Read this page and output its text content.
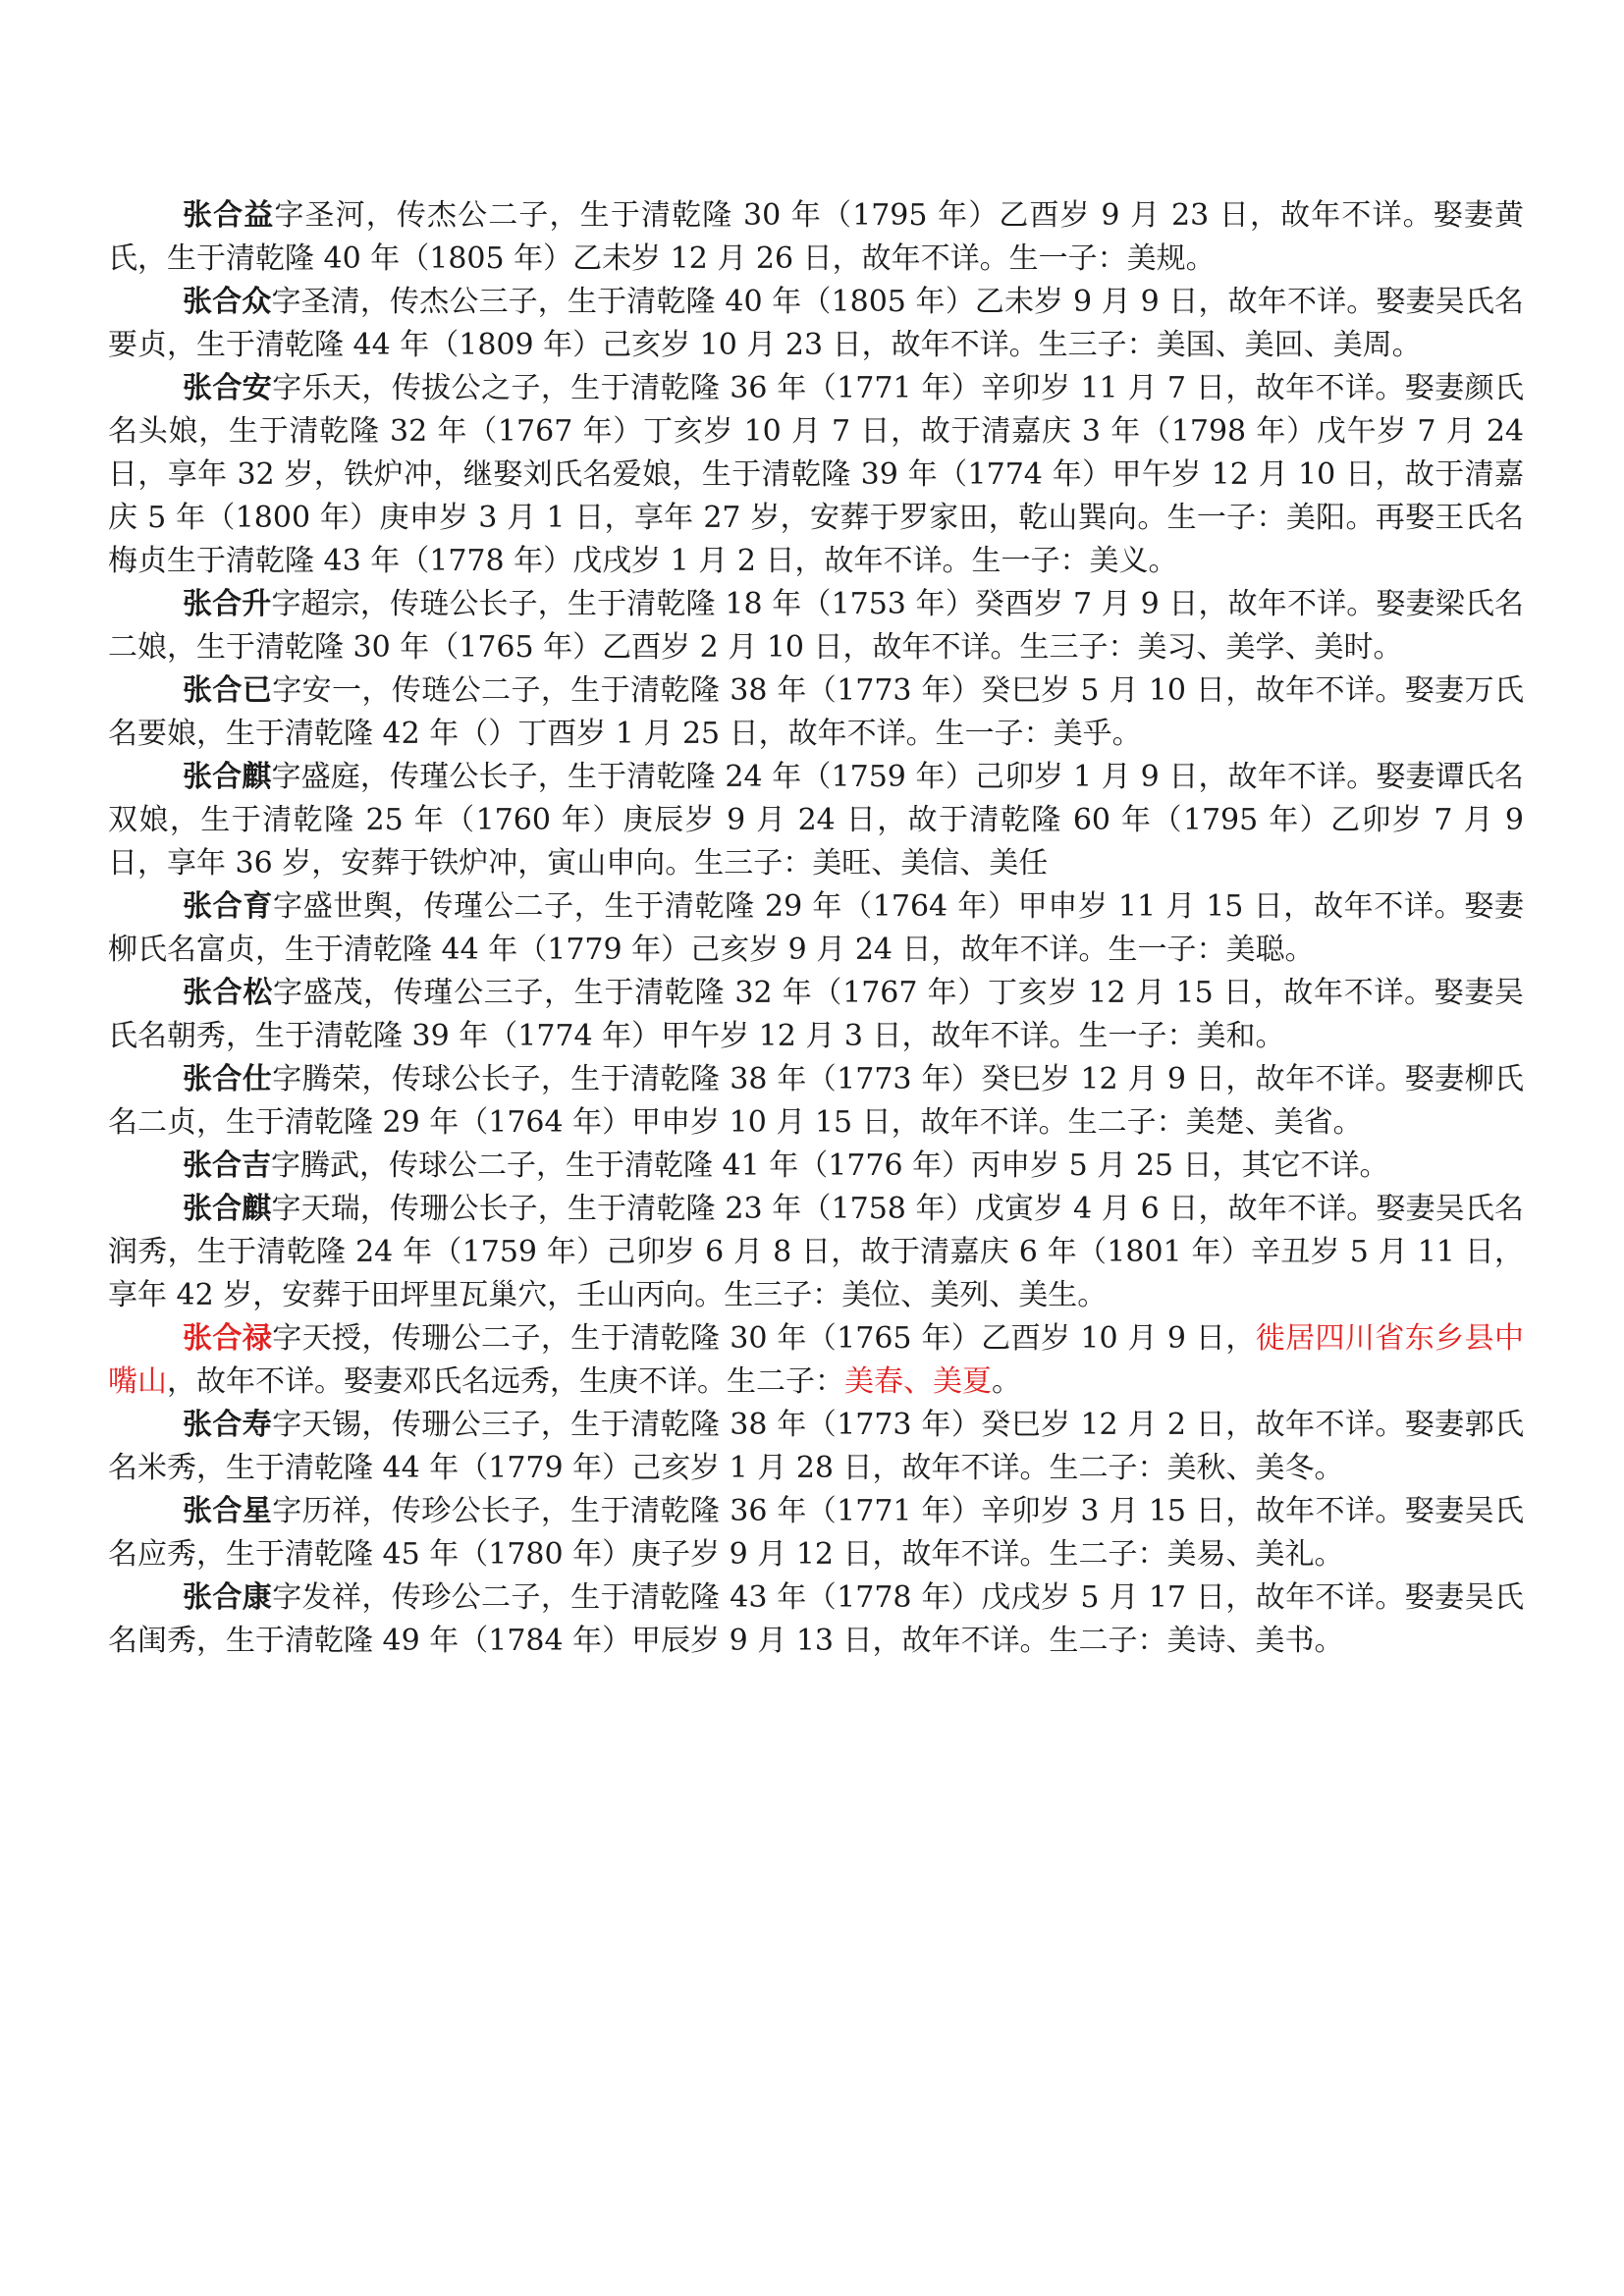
张合益字圣河，传杰公二子，生于清乾隆 30 年（1795 年）乙酉岁 9 月 23 日，故年不详。娶妻黄氏，生于清乾隆 40 年（1805 年）乙未岁 12 月 26 日，故年不详。生一子：美规。

张合众字圣清，传杰公三子，生于清乾隆 40 年（1805 年）乙未岁 9 月 9 日，故年不详。娶妻吴氏名要贞，生于清乾隆 44 年（1809 年）己亥岁 10 月 23 日，故年不详。生三子：美国、美回、美周。

张合安字乐天，传拔公之子，生于清乾隆 36 年（1771 年）辛卯岁 11 月 7 日，故年不详。娶妻颜氏名头娘，生于清乾隆 32 年（1767 年）丁亥岁 10 月 7 日，故于清嘉庆 3 年（1798 年）戊午岁 7 月 24 日，享年 32 岁，铁炉冲，继娶刘氏名爱娘，生于清乾隆 39 年（1774 年）甲午岁 12 月 10 日，故于清嘉庆 5 年（1800 年）庚申岁 3 月 1 日，享年 27 岁，安葬于罗家田，乾山巽向。生一子：美阳。再娶王氏名梅贞生于清乾隆 43 年（1778 年）戊戌岁 1 月 2 日，故年不详。生一子：美义。

张合升字超宗，传琏公长子，生于清乾隆 18 年（1753 年）癸酉岁 7 月 9 日，故年不详。娶妻梁氏名二娘，生于清乾隆 30 年（1765 年）乙酉岁 2 月 10 日，故年不详。生三子：美习、美学、美时。

张合已字安一，传琏公二子，生于清乾隆 38 年（1773 年）癸巳岁 5 月 10 日，故年不详。娶妻万氏名要娘，生于清乾隆 42 年（）丁酉岁 1 月 25 日，故年不详。生一子：美乎。

张合麒字盛庭，传瑾公长子，生于清乾隆 24 年（1759 年）己卯岁 1 月 9 日，故年不详。娶妻谭氏名双娘，生于清乾隆 25 年（1760 年）庚辰岁 9 月 24 日，故于清乾隆 60 年（1795 年）乙卯岁 7 月 9 日，享年 36 岁，安葬于铁炉冲，寅山申向。生三子：美旺、美信、美任

张合育字盛世舆，传瑾公二子，生于清乾隆 29 年（1764 年）甲申岁 11 月 15 日，故年不详。娶妻柳氏名富贞，生于清乾隆 44 年（1779 年）己亥岁 9 月 24 日，故年不详。生一子：美聪。

张合松字盛茂，传瑾公三子，生于清乾隆 32 年（1767 年）丁亥岁 12 月 15 日，故年不详。娶妻吴氏名朝秀，生于清乾隆 39 年（1774 年）甲午岁 12 月 3 日，故年不详。生一子：美和。

张合仕字腾荣，传球公长子，生于清乾隆 38 年（1773 年）癸巳岁 12 月 9 日，故年不详。娶妻柳氏名二贞，生于清乾隆 29 年（1764 年）甲申岁 10 月 15 日，故年不详。生二子：美楚、美省。

张合吉字腾武，传球公二子，生于清乾隆 41 年（1776 年）丙申岁 5 月 25 日，其它不详。

张合麒字天瑞，传珊公长子，生于清乾隆 23 年（1758 年）戊寅岁 4 月 6 日，故年不详。娶妻吴氏名润秀，生于清乾隆 24 年（1759 年）己卯岁 6 月 8 日，故于清嘉庆 6 年（1801 年）辛丑岁 5 月 11 日，享年 42 岁，安葬于田坪里瓦巢穴，壬山丙向。生三子：美位、美列、美生。

张合禄字天授，传珊公二子，生于清乾隆 30 年（1765 年）乙酉岁 10 月 9 日，徙居四川省东乡县中嘴山，故年不详。娶妻邓氏名远秀，生庚不详。生二子：美春、美夏。

张合寿字天锡，传珊公三子，生于清乾隆 38 年（1773 年）癸巳岁 12 月 2 日，故年不详。娶妻郭氏名米秀，生于清乾隆 44 年（1779 年）己亥岁 1 月 28 日，故年不详。生二子：美秋、美冬。

张合星字历祥，传珍公长子，生于清乾隆 36 年（1771 年）辛卯岁 3 月 15 日，故年不详。娶妻吴氏名应秀，生于清乾隆 45 年（1780 年）庚子岁 9 月 12 日，故年不详。生二子：美易、美礼。

张合康字发祥，传珍公二子，生于清乾隆 43 年（1778 年）戊戌岁 5 月 17 日，故年不详。娶妻吴氏名闺秀，生于清乾隆 49 年（1784 年）甲辰岁 9 月 13 日，故年不详。生二子：美诗、美书。
